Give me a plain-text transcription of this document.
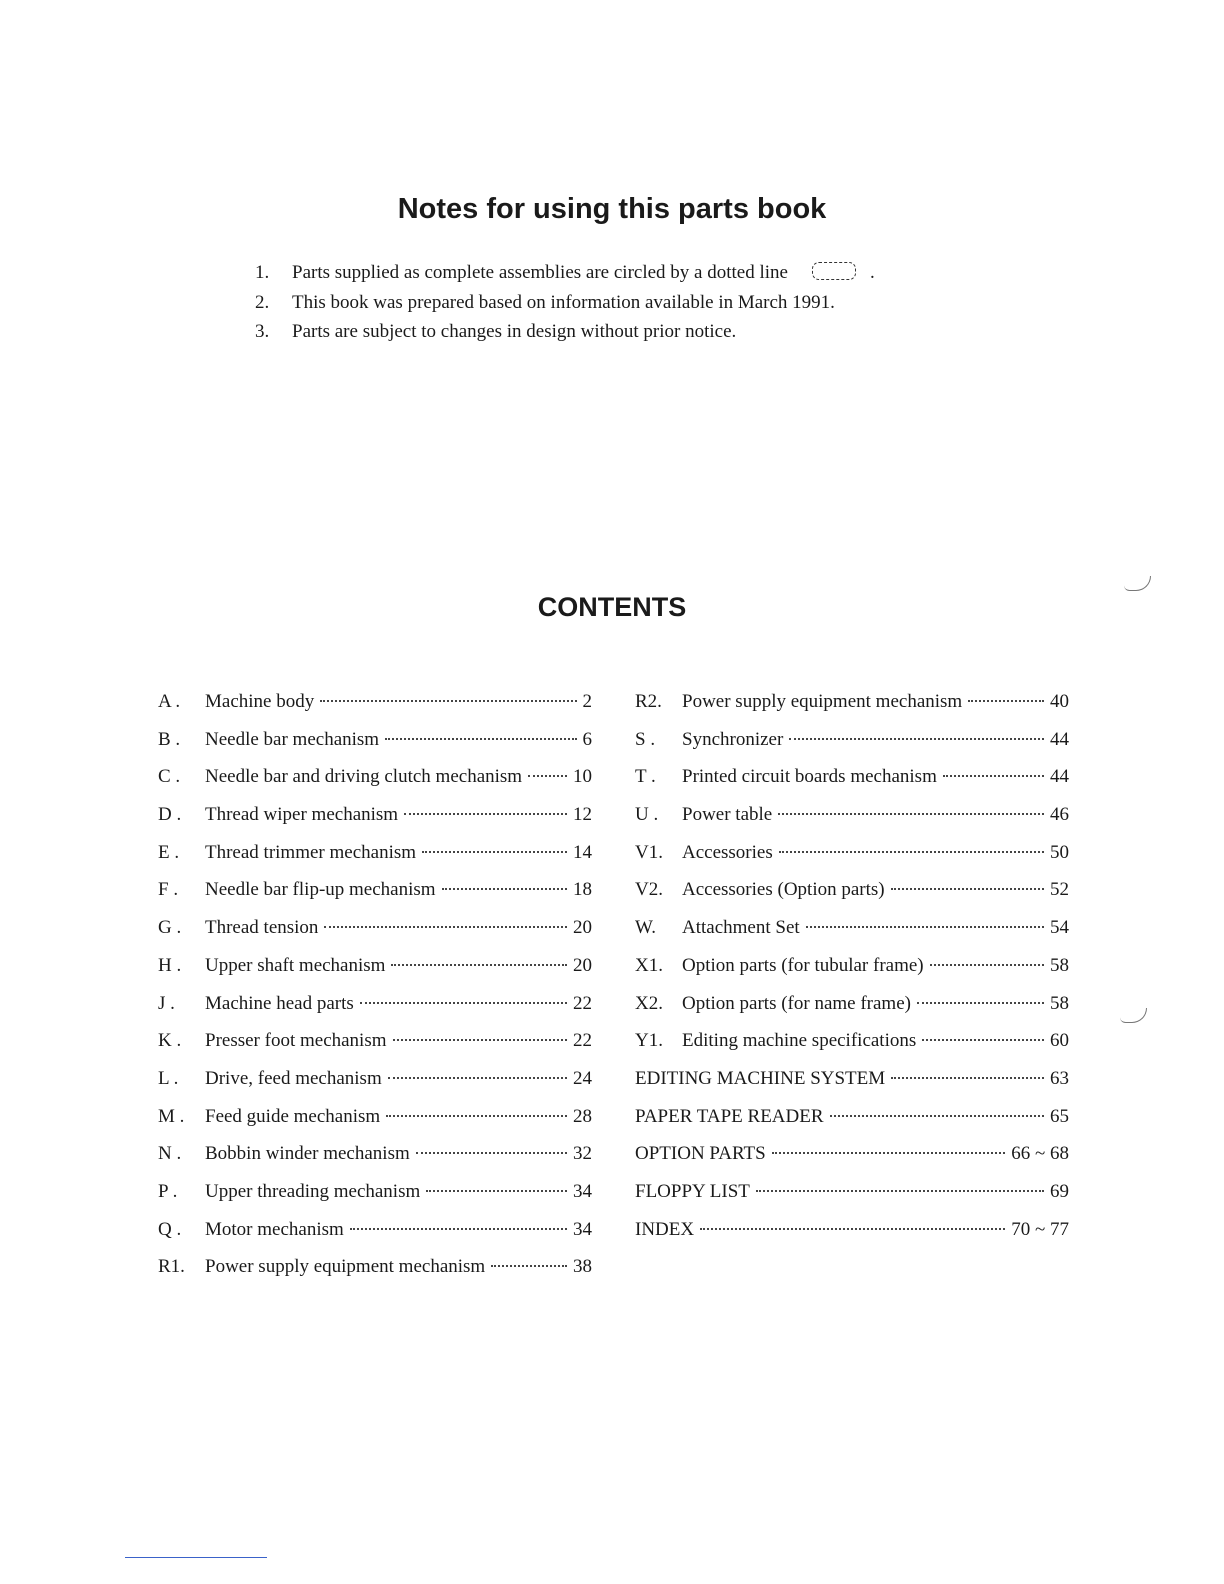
Notes for using this parts book
1. Parts supplied as complete assemblies are circled by a dotted line	.
2. This book was prepared based on information available in March 1991.
3. Parts are subject to changes in design without prior notice.
CONTENTS
A .	Machine body	2
B .	Needle bar mechanism	6
C .	Needle bar and driving clutch mechanism	10
D .	Thread wiper mechanism	12
E .	Thread trimmer mechanism	14
F .	Needle bar flip-up mechanism	18
G .	Thread tension	20
H .	Upper shaft mechanism	20
J .	Machine head parts	22
K .	Presser foot mechanism	22
L .	Drive, feed mechanism	24
M .	Feed guide mechanism	28
N .	Bobbin winder mechanism	32
P .	Upper threading mechanism	34
Q .	Motor mechanism	34
R1.	Power supply equipment mechanism	38
R2.	Power supply equipment mechanism	40
S .	Synchronizer	44
T .	Printed circuit boards mechanism	44
U .	Power table	46
V1.	Accessories	50
V2.	Accessories (Option parts)	52
W.	Attachment Set	54
X1.	Option parts (for tubular frame)	58
X2.	Option parts (for name frame)	58
Y1.	Editing machine specifications	60
EDITING MACHINE SYSTEM	63
PAPER TAPE READER	65
OPTION PARTS	66 ~ 68
FLOPPY LIST	69
INDEX	70 ~ 77
